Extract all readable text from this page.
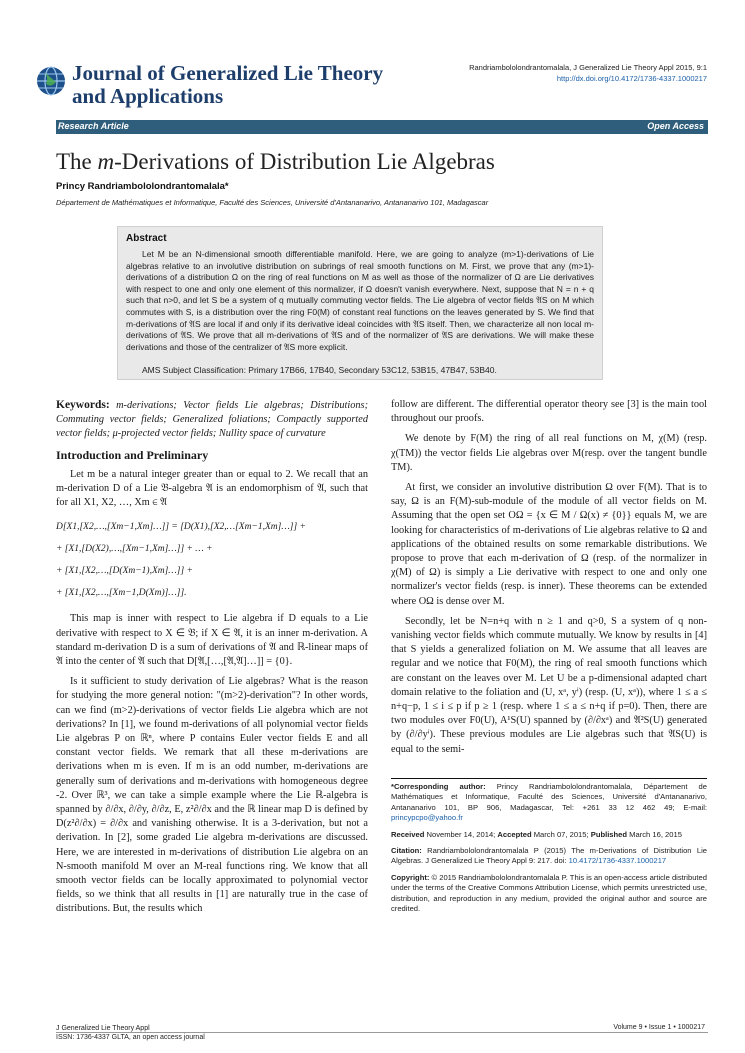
Journal of Generalized Lie Theory and Applications
Randriambololondrantomalala, J Generalized Lie Theory Appl 2015, 9:1
http://dx.doi.org/10.4172/1736-4337.1000217
Research Article	Open Access
The m-Derivations of Distribution Lie Algebras
Princy Randriambololondrantomalala*
Département de Mathématiques et Informatique, Faculté des Sciences, Université d'Antananarivo, Antananarivo 101, Madagascar
Abstract
Let M be an N-dimensional smooth differentiable manifold. Here, we are going to analyze (m>1)-derivations of Lie algebras relative to an involutive distribution on subrings of real smooth functions on M. First, we prove that any (m>1)-derivations of a distribution Ω on the ring of real functions on M as well as those of the normalizer of Ω are Lie derivatives with respect to one and only one element of this normalizer, if Ω doesn't vanish everywhere. Next, suppose that N = n + q such that n>0, and let S be a system of q mutually commuting vector fields. The Lie algebra of vector fields 𝔄S on M which commutes with S, is a distribution over the ring F0(M) of constant real functions on the leaves generated by S. We find that m-derivations of 𝔄S are local if and only if its derivative ideal coincides with 𝔄S itself. Then, we characterize all non local m-derivations of 𝔄S. We prove that all m-derivations of 𝔄S and of the normalizer of 𝔄S are derivations. We will make these derivations and those of the centralizer of 𝔄S more explicit.
AMS Subject Classification: Primary 17B66, 17B40, Secondary 53C12, 53B15, 47B47, 53B40.

Keywords: m-derivations; Vector fields Lie algebras; Distributions; Commuting vector fields; Generalized foliations; Compactly supported vector fields; μ-projected vector fields; Nullity space of curvature

Introduction and Preliminary

Let m be a natural integer greater than or equal to 2. We recall that an m-derivation D of a Lie 𝔅-algebra 𝔄 is an endomorphism of 𝔄, such that for all X1, X2, …, Xm ∈ 𝔄

D[X1,[X2,…,[Xm−1,Xm]…]] = [D(X1),[X2,…[Xm−1,Xm]…]] +
+ [X1,[D(X2),…,[Xm−1,Xm]…]] + … +
+ [X1,[X2,…,[D(Xm−1),Xm]…]] +
+ [X1,[X2,…,[Xm−1,D(Xm)]…]].

This map is inner with respect to Lie algebra if D equals to a Lie derivative with respect to X ∈ 𝔅; if X ∈ 𝔄, it is an inner m-derivation. A standard m-derivation D is a sum of derivations of 𝔄 and ℝ-linear maps of 𝔄 into the center of 𝔄 such that D[𝔄,[…,[𝔄,𝔄]…]] = {0}.

Is it sufficient to study derivation of Lie algebras? What is the reason for studying the more general notion: "(m>2)-derivation"? In other words, can we find (m>2)-derivations of vector fields Lie algebra which are not derivations? In [1], we found m-derivations of all polynomial vector fields Lie algebras P on ℝⁿ, where P contains Euler vector fields E and all constant vector fields. We remark that all these m-derivations are derivations when m is even. If m is an odd number, m-derivations are generally sum of derivations and m-derivations with homogeneous degree -2. Over ℝ³, we can take a simple example where the Lie ℝ-algebra is spanned by ∂/∂x, ∂/∂y, ∂/∂z, E, z²∂/∂x and the ℝ linear map D is defined by D(z²∂/∂x) = ∂/∂x and vanishing otherwise. It is a 3-derivation, but not a derivation. In [2], some graded Lie algebra m-derivations are discussed. Here, we are interested in m-derivations of distribution Lie algebra on an N-smooth manifold M over an M-real functions ring. We know that all smooth vector fields can be locally approximated to polynomial vector fields, so we think that all results in [1] are naturally true in the case of distributions. But, the results which

follow are different. The differential operator theory see [3] is the main tool throughout our proofs.

We denote by F(M) the ring of all real functions on M, χ(M) (resp. χ(TM)) the vector fields Lie algebras over M(resp. over the tangent bundle TM).

At first, we consider an involutive distribution Ω over F(M). That is to say, Ω is an F(M)-sub-module of the module of all vector fields on M. Assuming that the open set OΩ = {x ∈ M / Ω(x) ≠ {0}} equals M, we are looking for characteristics of m-derivations of Lie algebras relative to Ω and applications of the obtained results on some remarkable distributions. We propose to prove that each m-derivation of Ω (resp. of the normalizer in χ(M) of Ω) is simply a Lie derivative with respect to one and only one normalizer's vector fields (resp. is inner). These theorems can be extended where OΩ is dense over M.

Secondly, let be N=n+q with n ≥ 1 and q>0, S a system of q non-vanishing vector fields which commute mutually. We know by results in [4] that S yields a generalized foliation on M. We assume that all leaves are regular and we notice that F0(M), the ring of real smooth functions which are constant on the leaves over M. Let U be a p-dimensional adapted chart domain relative to the foliation and (U, xᵃ, yⁱ) (resp. (U, xᵃ)), where 1 ≤ a ≤ n+q−p, 1 ≤ i ≤ p if p ≥ 1 (resp. where 1 ≤ a ≤ n+q if p=0). Then, there are two modules over F0(U), A¹S(U) spanned by (∂/∂xᵃ) and 𝔄²S(U) generated by (∂/∂yⁱ). These previous modules are Lie algebras such that 𝔄S(U) is equal to the semi-

*Corresponding author: Princy Randriambololondrantomalala, Département de Mathématiques et Informatique, Faculté des Sciences, Université d'Antananarivo, Antananarivo 101, BP 906, Madagascar, Tel: +261 33 12 462 49; E-mail: princypcpo@yahoo.fr

Received November 14, 2014; Accepted March 07, 2015; Published March 16, 2015

Citation: Randriambololondrantomalala P (2015) The m-Derivations of Distribution Lie Algebras. J Generalized Lie Theory Appl 9: 217. doi: 10.4172/1736-4337.1000217

Copyright: © 2015 Randriambololondrantomalala P. This is an open-access article distributed under the terms of the Creative Commons Attribution License, which permits unrestricted use, distribution, and reproduction in any medium, provided the original author and source are credited.

J Generalized Lie Theory Appl
ISSN: 1736-4337 GLTA, an open access journal
Volume 9 • Issue 1 • 1000217
